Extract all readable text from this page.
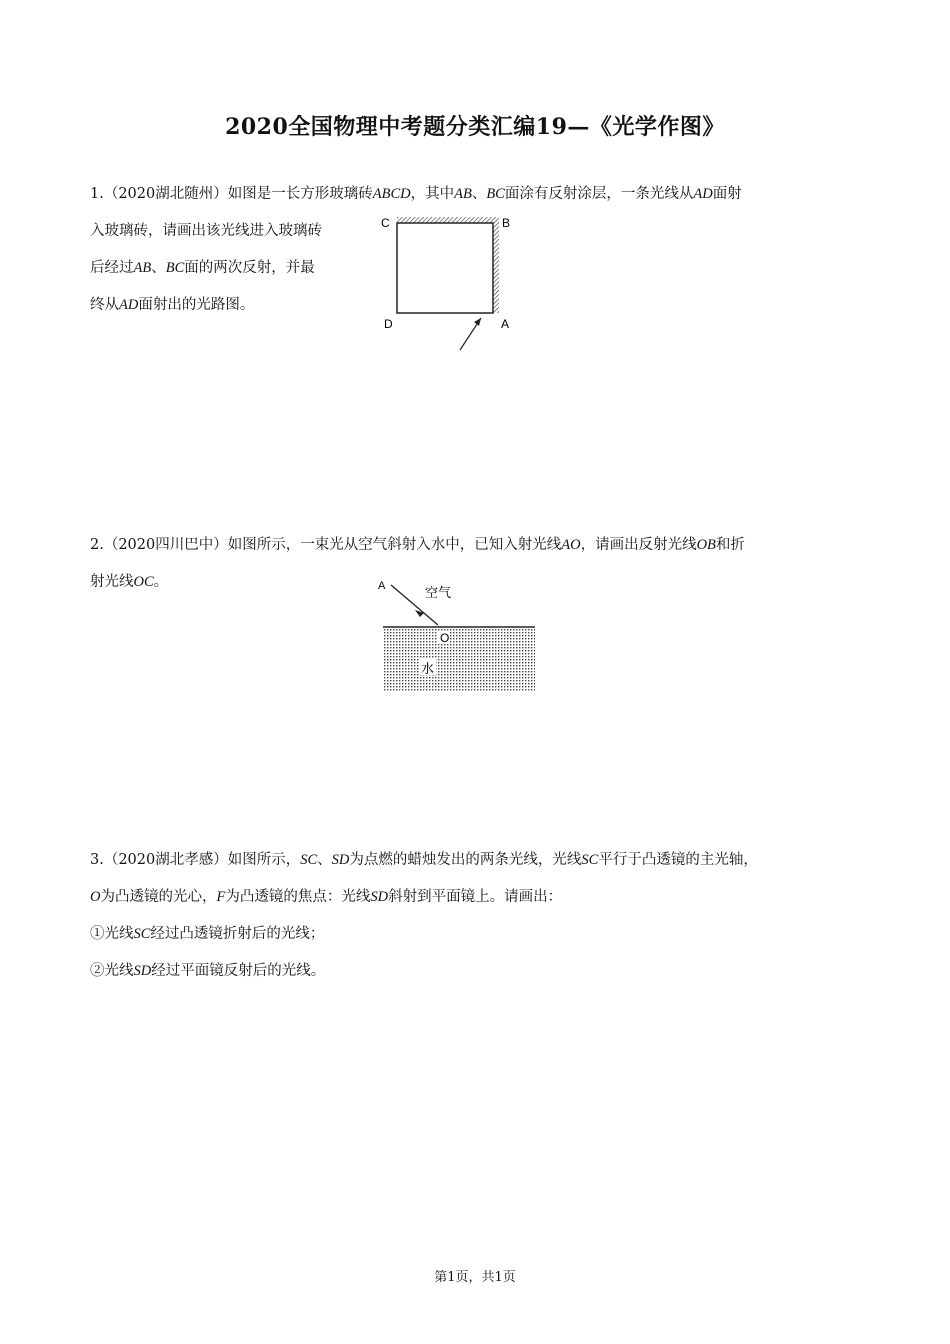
2020全国物理中考题分类汇编19—《光学作图》
1.（2020湖北随州）如图是一长方形玻璃砖ABCD，其中AB、BC面涂有反射涂层，一条光线从AD面射
入玻璃砖，请画出该光线进入玻璃砖
后经过AB、BC面的两次反射，并最
终从AD面射出的光路图。
C	B
D	A
2.（2020四川巴中）如图所示，一束光从空气斜射入水中，已知入射光线AO，请画出反射光线OB和折
射光线OC。	A	空气
O
水
3.（2020湖北孝感）如图所示，SC、SD为点燃的蜡烛发出的两条光线，光线SC平行于凸透镜的主光轴，
O为凸透镜的光心，F为凸透镜的焦点：光线SD斜射到平面镜上。请画出：
①光线SC经过凸透镜折射后的光线；
②光线SD经过平面镜反射后的光线。
第1页，共1页
